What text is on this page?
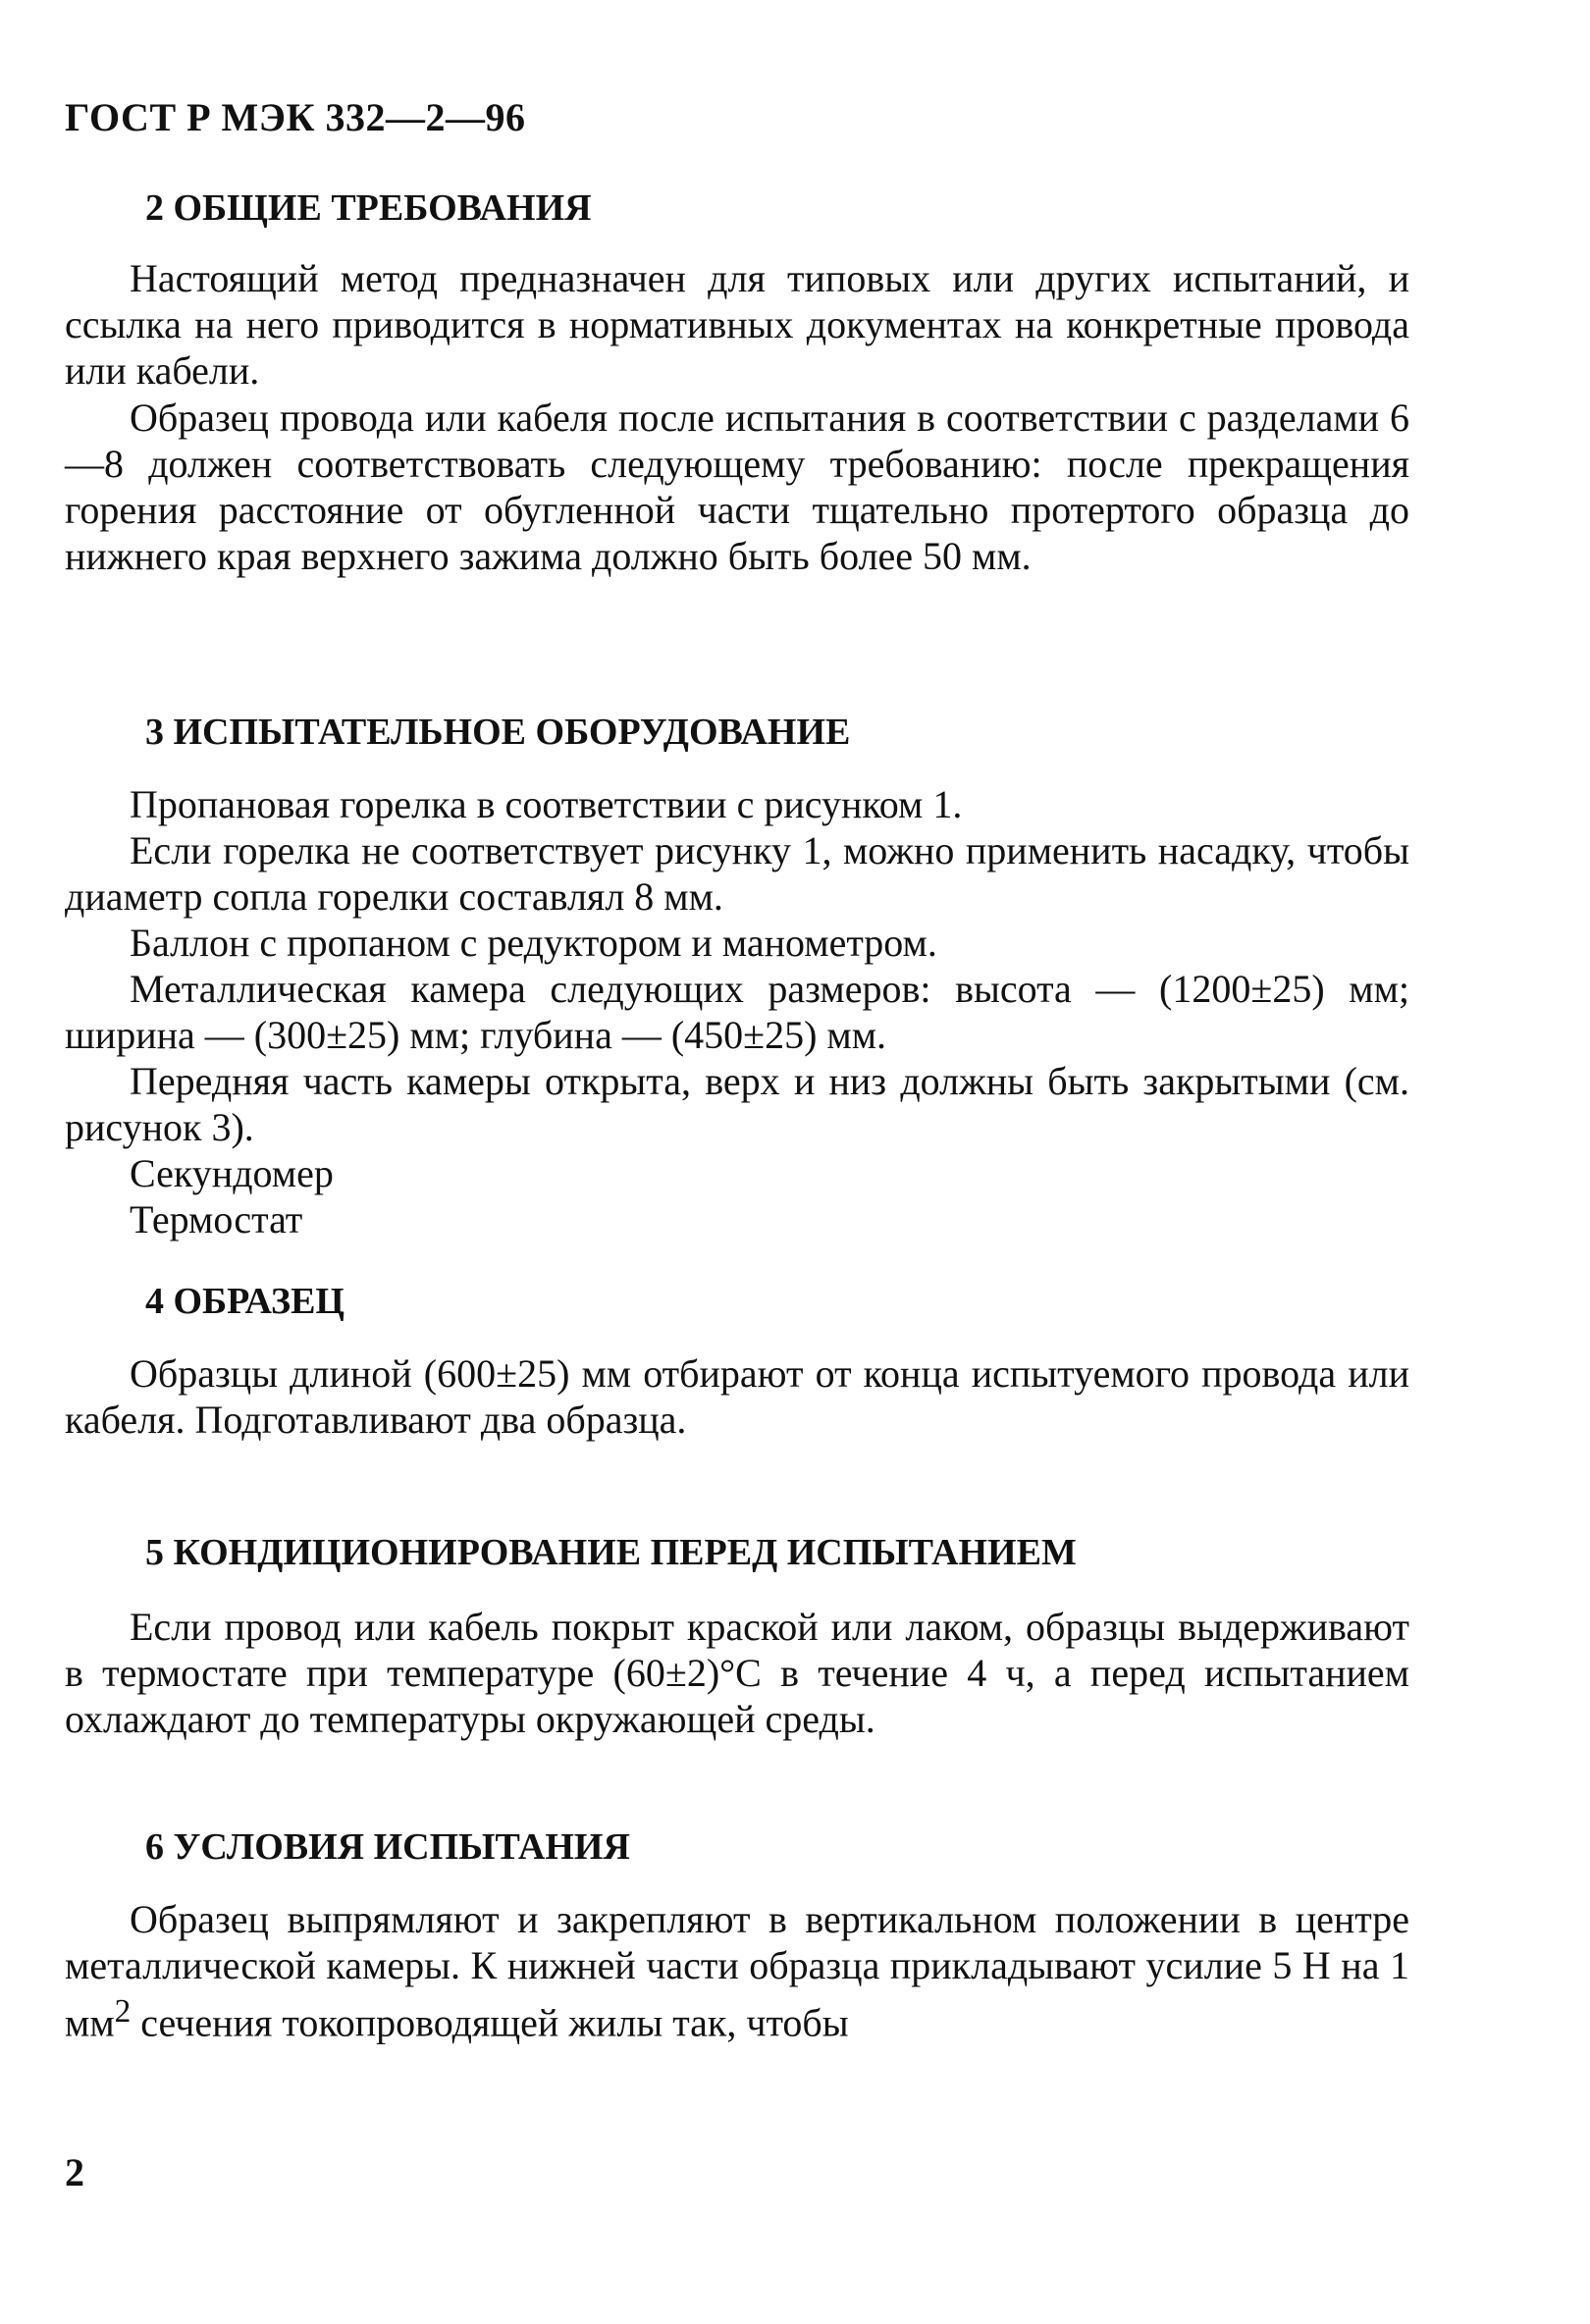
ГОСТ Р МЭК 332—2—96
2 ОБЩИЕ ТРЕБОВАНИЯ

Настоящий метод предназначен для типовых или других испытаний, и ссылка на него приводится в нормативных документах на конкретные провода или кабели.

Образец провода или кабеля после испытания в соответствии с разделами 6—8 должен соответствовать следующему требованию: после прекращения горения расстояние от обугленной части тщательно протертого образца до нижнего края верхнего зажима должно быть более 50 мм.

3 ИСПЫТАТЕЛЬНОЕ ОБОРУДОВАНИЕ

Пропановая горелка в соответствии с рисунком 1.

Если горелка не соответствует рисунку 1, можно применить насадку, чтобы диаметр сопла горелки составлял 8 мм.

Баллон с пропаном с редуктором и манометром.

Металлическая камера следующих размеров: высота — (1200±25) мм; ширина — (300±25) мм; глубина — (450±25) мм.

Передняя часть камеры открыта, верх и низ должны быть закрытыми (см. рисунок 3).

Секундомер
Термостат
4 ОБРАЗЕЦ

Образцы длиной (600±25) мм отбирают от конца испытуемого провода или кабеля. Подготавливают два образца.

5 КОНДИЦИОНИРОВАНИЕ ПЕРЕД ИСПЫТАНИЕМ

Если провод или кабель покрыт краской или лаком, образцы выдерживают в термостате при температуре (60±2)°С в течение 4 ч, а перед испытанием охлаждают до температуры окружающей среды.

6 УСЛОВИЯ ИСПЫТАНИЯ

Образец выпрямляют и закрепляют в вертикальном положении в центре металлической камеры. К нижней части образца прикладывают усилие 5 Н на 1 $мм^2$ сечения токопроводящей жилы так, чтобы

2
